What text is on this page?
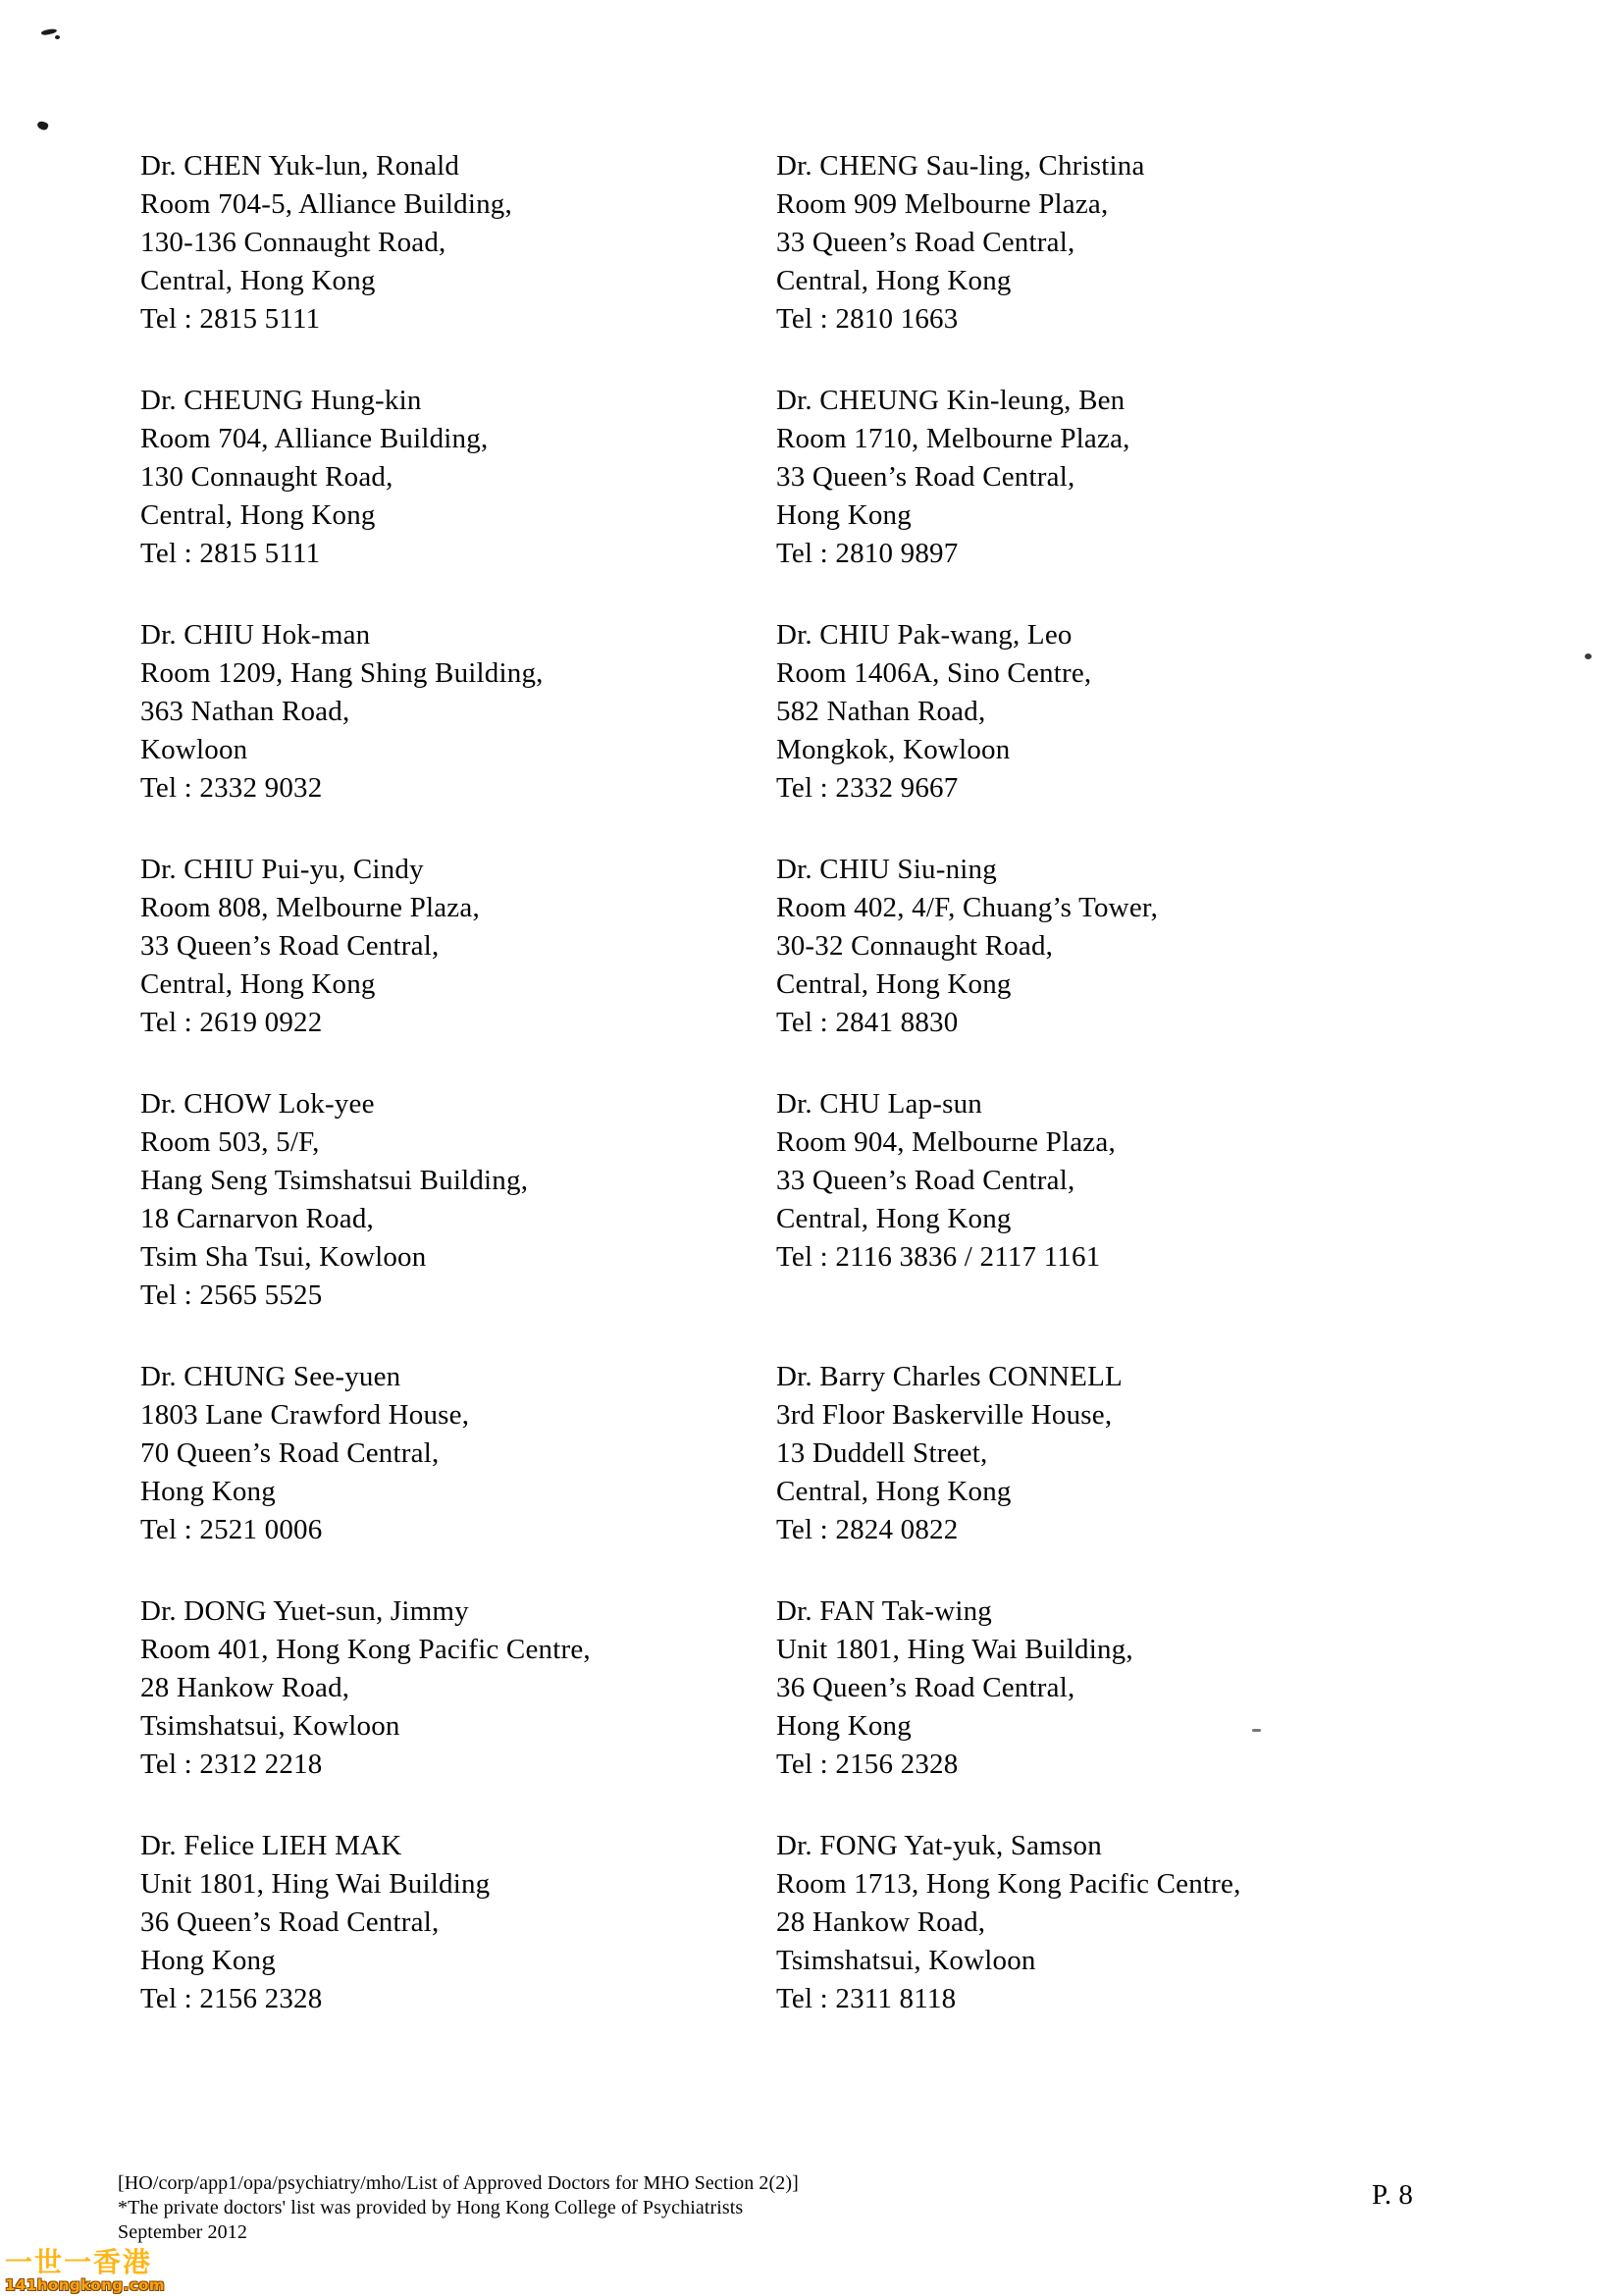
Dr. CHEN Yuk-lun, Ronald
Room 704-5, Alliance Building,
130-136 Connaught Road,
Central, Hong Kong
Tel : 2815 5111
Dr. CHENG Sau-ling, Christina
Room 909 Melbourne Plaza,
33 Queen’s Road Central,
Central, Hong Kong
Tel : 2810 1663
Dr. CHEUNG Hung-kin
Room 704, Alliance Building,
130 Connaught Road,
Central, Hong Kong
Tel : 2815 5111
Dr. CHEUNG Kin-leung, Ben
Room 1710, Melbourne Plaza,
33 Queen’s Road Central,
Hong Kong
Tel : 2810 9897
Dr. CHIU Hok-man
Room 1209, Hang Shing Building,
363 Nathan Road,
Kowloon
Tel : 2332 9032
Dr. CHIU Pak-wang, Leo
Room 1406A, Sino Centre,
582 Nathan Road,
Mongkok, Kowloon
Tel : 2332 9667
Dr. CHIU Pui-yu, Cindy
Room 808, Melbourne Plaza,
33 Queen’s Road Central,
Central, Hong Kong
Tel : 2619 0922
Dr. CHIU Siu-ning
Room 402, 4/F, Chuang’s Tower,
30-32 Connaught Road,
Central, Hong Kong
Tel : 2841 8830
Dr. CHOW Lok-yee
Room 503, 5/F,
Hang Seng Tsimshatsui Building,
18 Carnarvon Road,
Tsim Sha Tsui, Kowloon
Tel : 2565 5525
Dr. CHU Lap-sun
Room 904, Melbourne Plaza,
33 Queen’s Road Central,
Central, Hong Kong
Tel : 2116 3836 / 2117 1161
Dr. CHUNG See-yuen
1803 Lane Crawford House,
70 Queen’s Road Central,
Hong Kong
Tel : 2521 0006
Dr. Barry Charles CONNELL
3rd Floor Baskerville House,
13 Duddell Street,
Central, Hong Kong
Tel : 2824 0822
Dr. DONG Yuet-sun, Jimmy
Room 401, Hong Kong Pacific Centre,
28 Hankow Road,
Tsimshatsui, Kowloon
Tel : 2312 2218
Dr. FAN Tak-wing
Unit 1801, Hing Wai Building,
36 Queen’s Road Central,
Hong Kong
Tel : 2156 2328
Dr. Felice LIEH MAK
Unit 1801, Hing Wai Building
36 Queen’s Road Central,
Hong Kong
Tel : 2156 2328
Dr. FONG Yat-yuk, Samson
Room 1713, Hong Kong Pacific Centre,
28 Hankow Road,
Tsimshatsui, Kowloon
Tel : 2311 8118
[HO/corp/app1/opa/psychiatry/mho/List of Approved Doctors for MHO Section 2(2)]
*The private doctors' list was provided by Hong Kong College of Psychiatrists
September 2012
P. 8
一世一香港
141hongkong.com
